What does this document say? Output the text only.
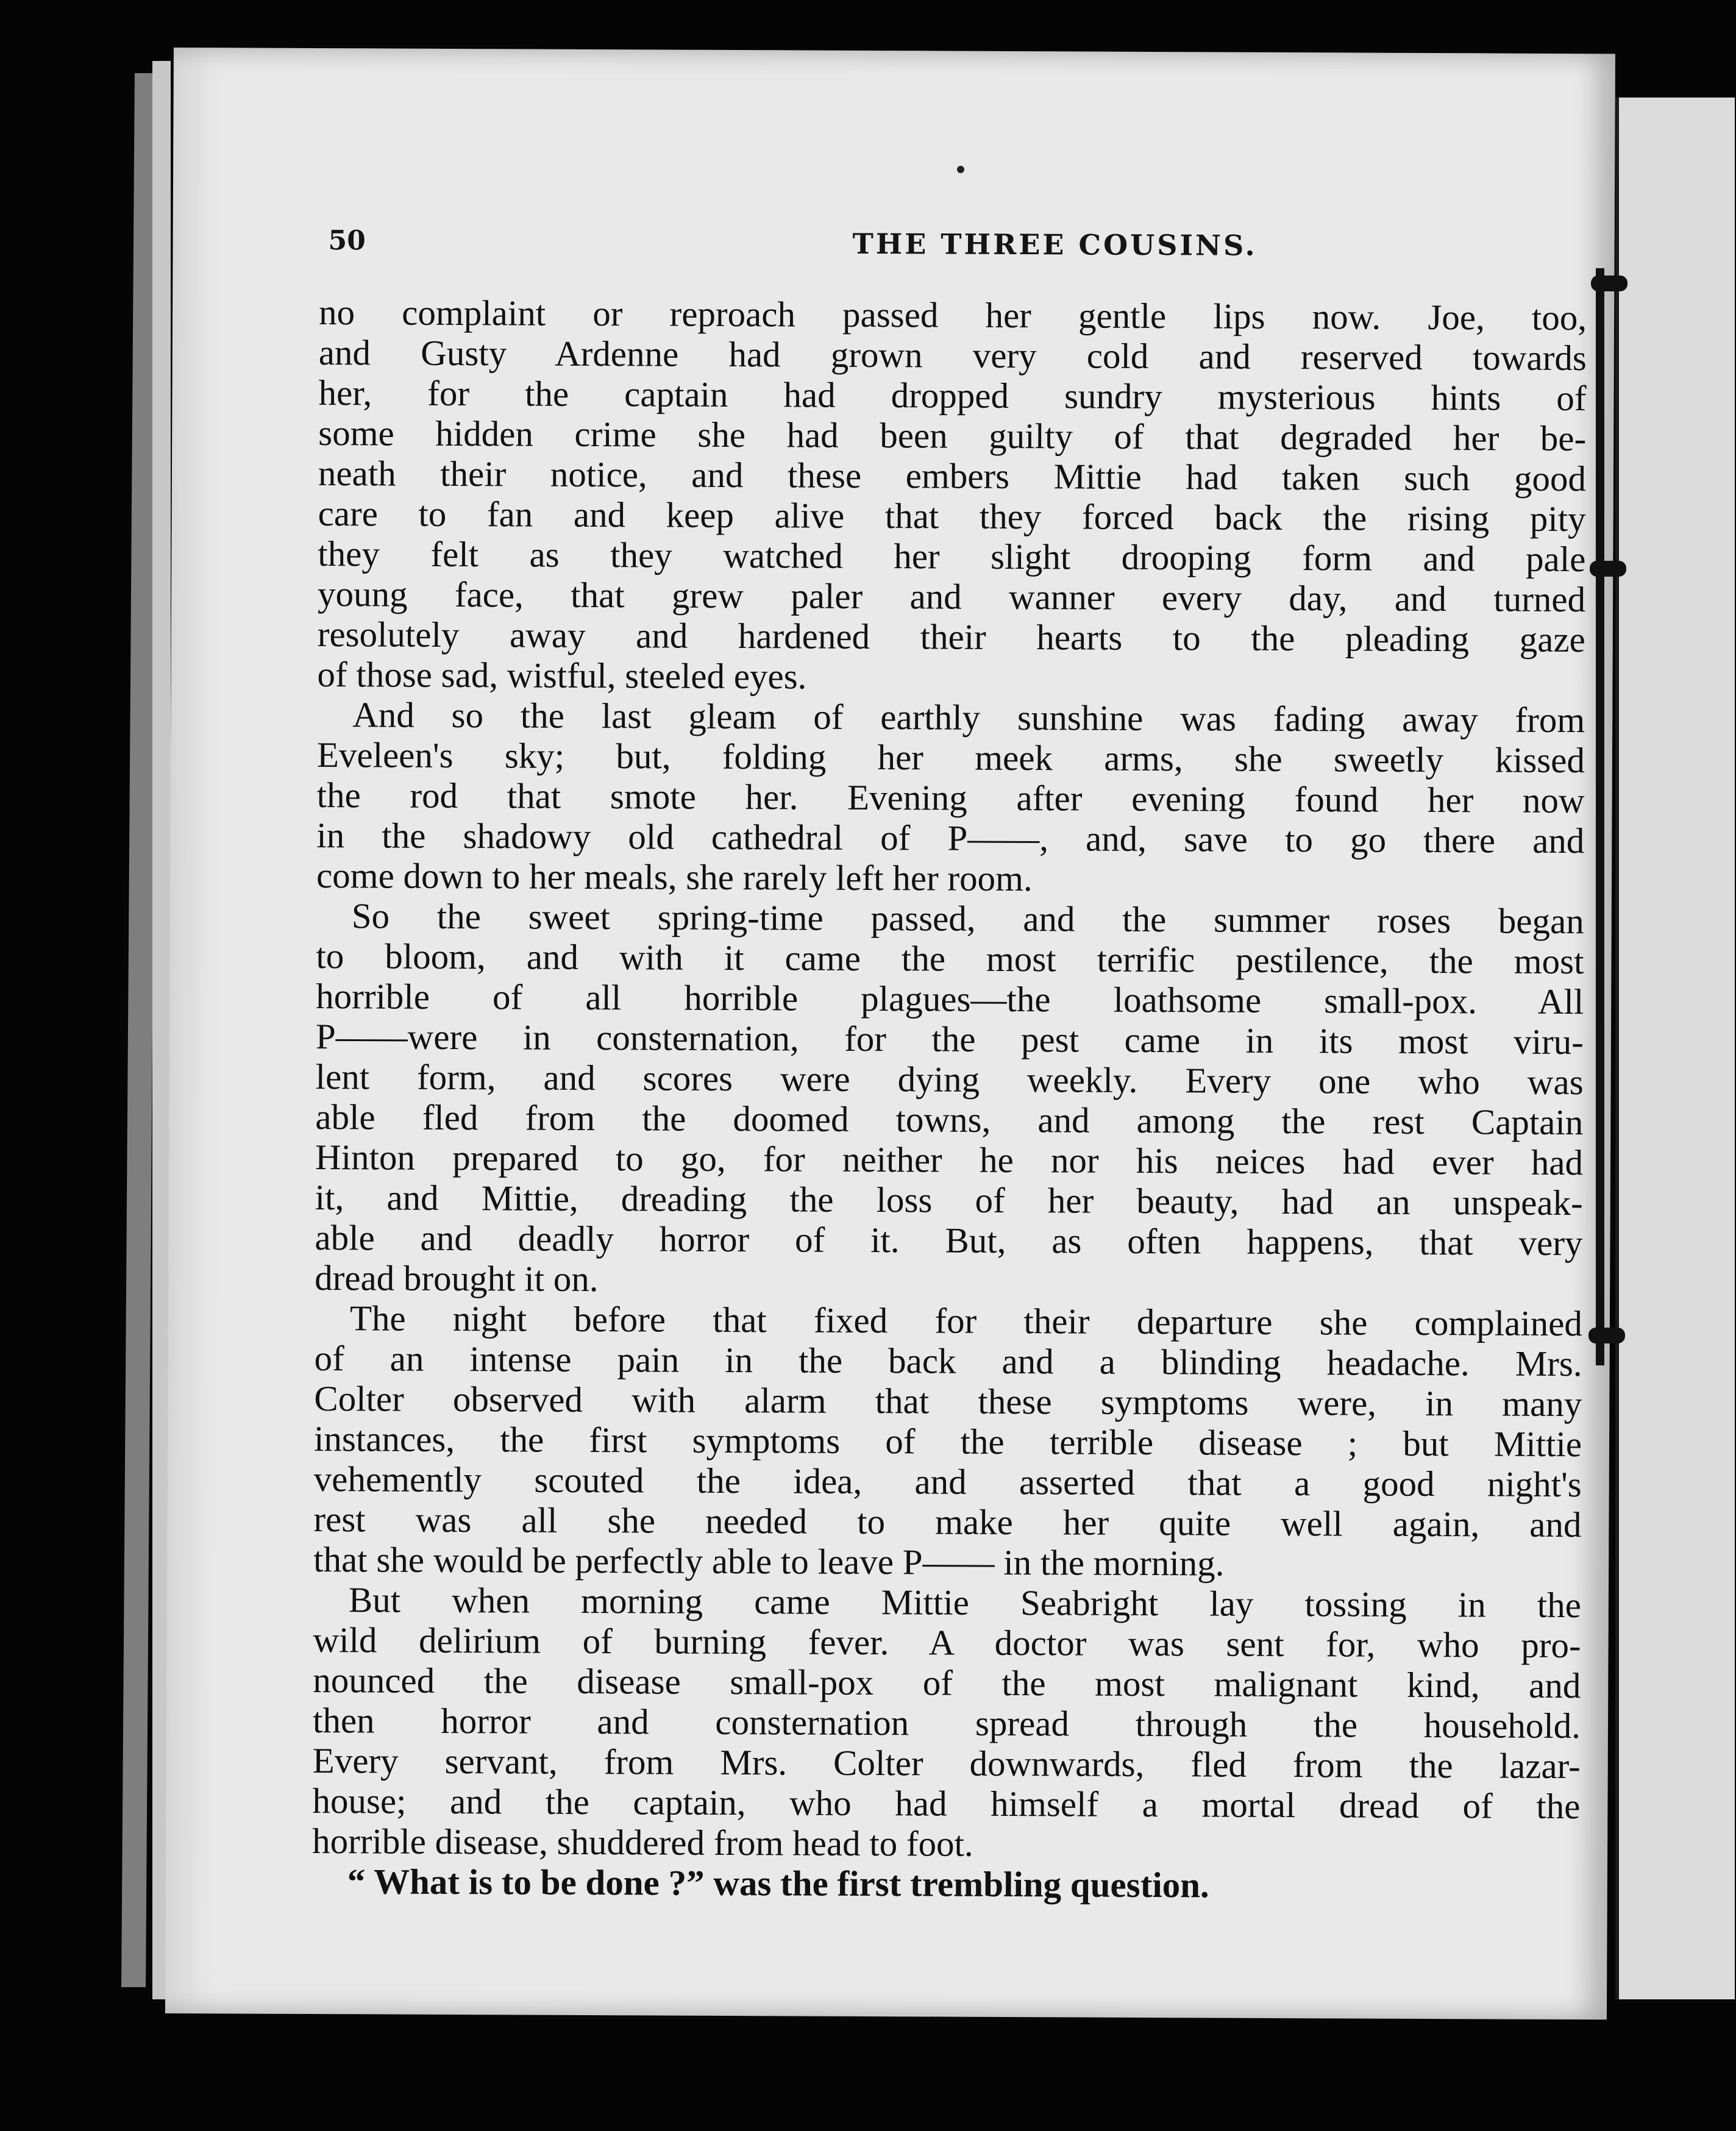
50	THE THREE COUSINS.
no complaint or reproach passed her gentle lips now. Joe, too,
and Gusty Ardenne had grown very cold and reserved towards
her, for the captain had dropped sundry mysterious hints of
some hidden crime she had been guilty of that degraded her be-
neath their notice, and these embers Mittie had taken such good
care to fan and keep alive that they forced back the rising pity
they felt as they watched her slight drooping form and pale
young face, that grew paler and wanner every day, and turned
resolutely away and hardened their hearts to the pleading gaze
of those sad, wistful, steeled eyes.
And so the last gleam of earthly sunshine was fading away from
Eveleen's sky; but, folding her meek arms, she sweetly kissed
the rod that smote her. Evening after evening found her now
in the shadowy old cathedral of P——, and, save to go there and
come down to her meals, she rarely left her room.
So the sweet spring-time passed, and the summer roses began
to bloom, and with it came the most terrific pestilence, the most
horrible of all horrible plagues—the loathsome small-pox. All
P——were in consternation, for the pest came in its most viru-
lent form, and scores were dying weekly. Every one who was
able fled from the doomed towns, and among the rest Captain
Hinton prepared to go, for neither he nor his neices had ever had
it, and Mittie, dreading the loss of her beauty, had an unspeak-
able and deadly horror of it. But, as often happens, that very
dread brought it on.
The night before that fixed for their departure she complained
of an intense pain in the back and a blinding headache. Mrs.
Colter observed with alarm that these symptoms were, in many
instances, the first symptoms of the terrible disease ; but Mittie
vehemently scouted the idea, and asserted that a good night's
rest was all she needed to make her quite well again, and
that she would be perfectly able to leave P—— in the morning.
But when morning came Mittie Seabright lay tossing in the
wild delirium of burning fever. A doctor was sent for, who pro-
nounced the disease small-pox of the most malignant kind, and
then horror and consternation spread through the household.
Every servant, from Mrs. Colter downwards, fled from the lazar-
house; and the captain, who had himself a mortal dread of the
horrible disease, shuddered from head to foot.
“ What is to be done ?” was the first trembling question.
